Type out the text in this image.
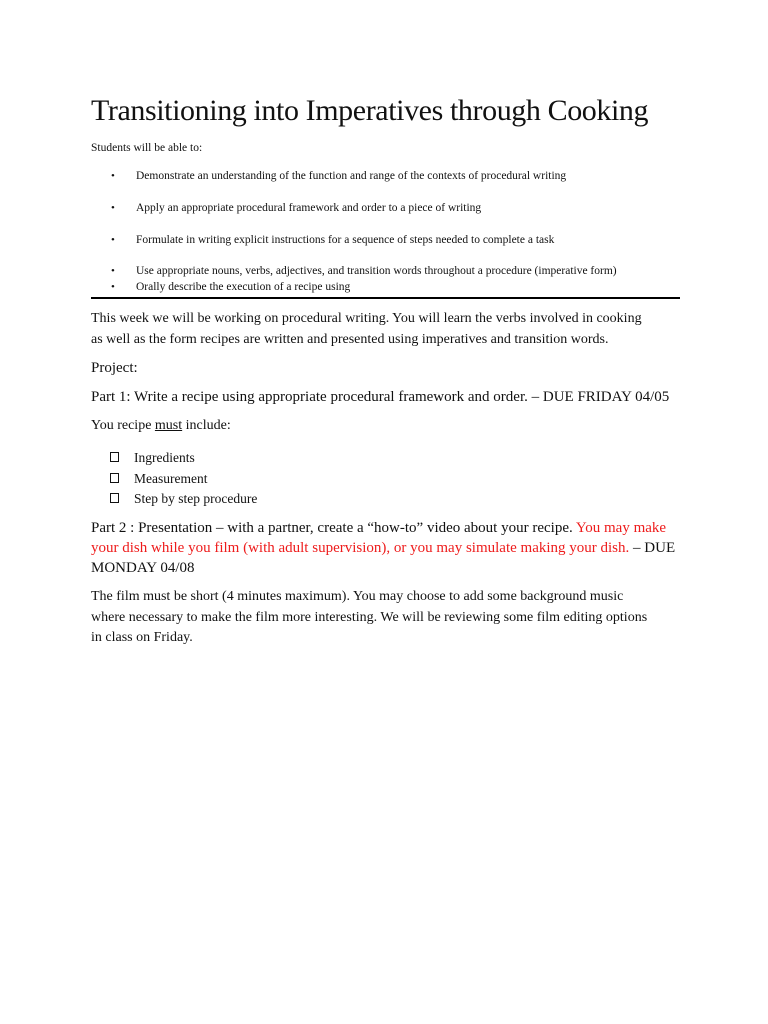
Transitioning into Imperatives through Cooking
Students will be able to:
• Demonstrate an understanding of the function and range of the contexts of procedural writing
• Apply an appropriate procedural framework and order to a piece of writing
• Formulate in writing explicit instructions for a sequence of steps needed to complete a task
• Use appropriate nouns, verbs, adjectives, and transition words throughout a procedure (imperative form)
• Orally describe the execution of a recipe using
This week we will be working on procedural writing. You will learn the verbs involved in cooking
as well as the form recipes are written and presented using imperatives and transition words.
Project:
Part 1: Write a recipe using appropriate procedural framework and order. – DUE FRIDAY 04/05
You recipe must include:
Ingredients
Measurement
Step by step procedure
Part 2 : Presentation – with a partner, create a “how-to” video about your recipe. You may make
your dish while you film (with adult supervision), or you may simulate making your dish. – DUE
MONDAY 04/08
The film must be short (4 minutes maximum). You may choose to add some background music
where necessary to make the film more interesting. We will be reviewing some film editing options
in class on Friday.
